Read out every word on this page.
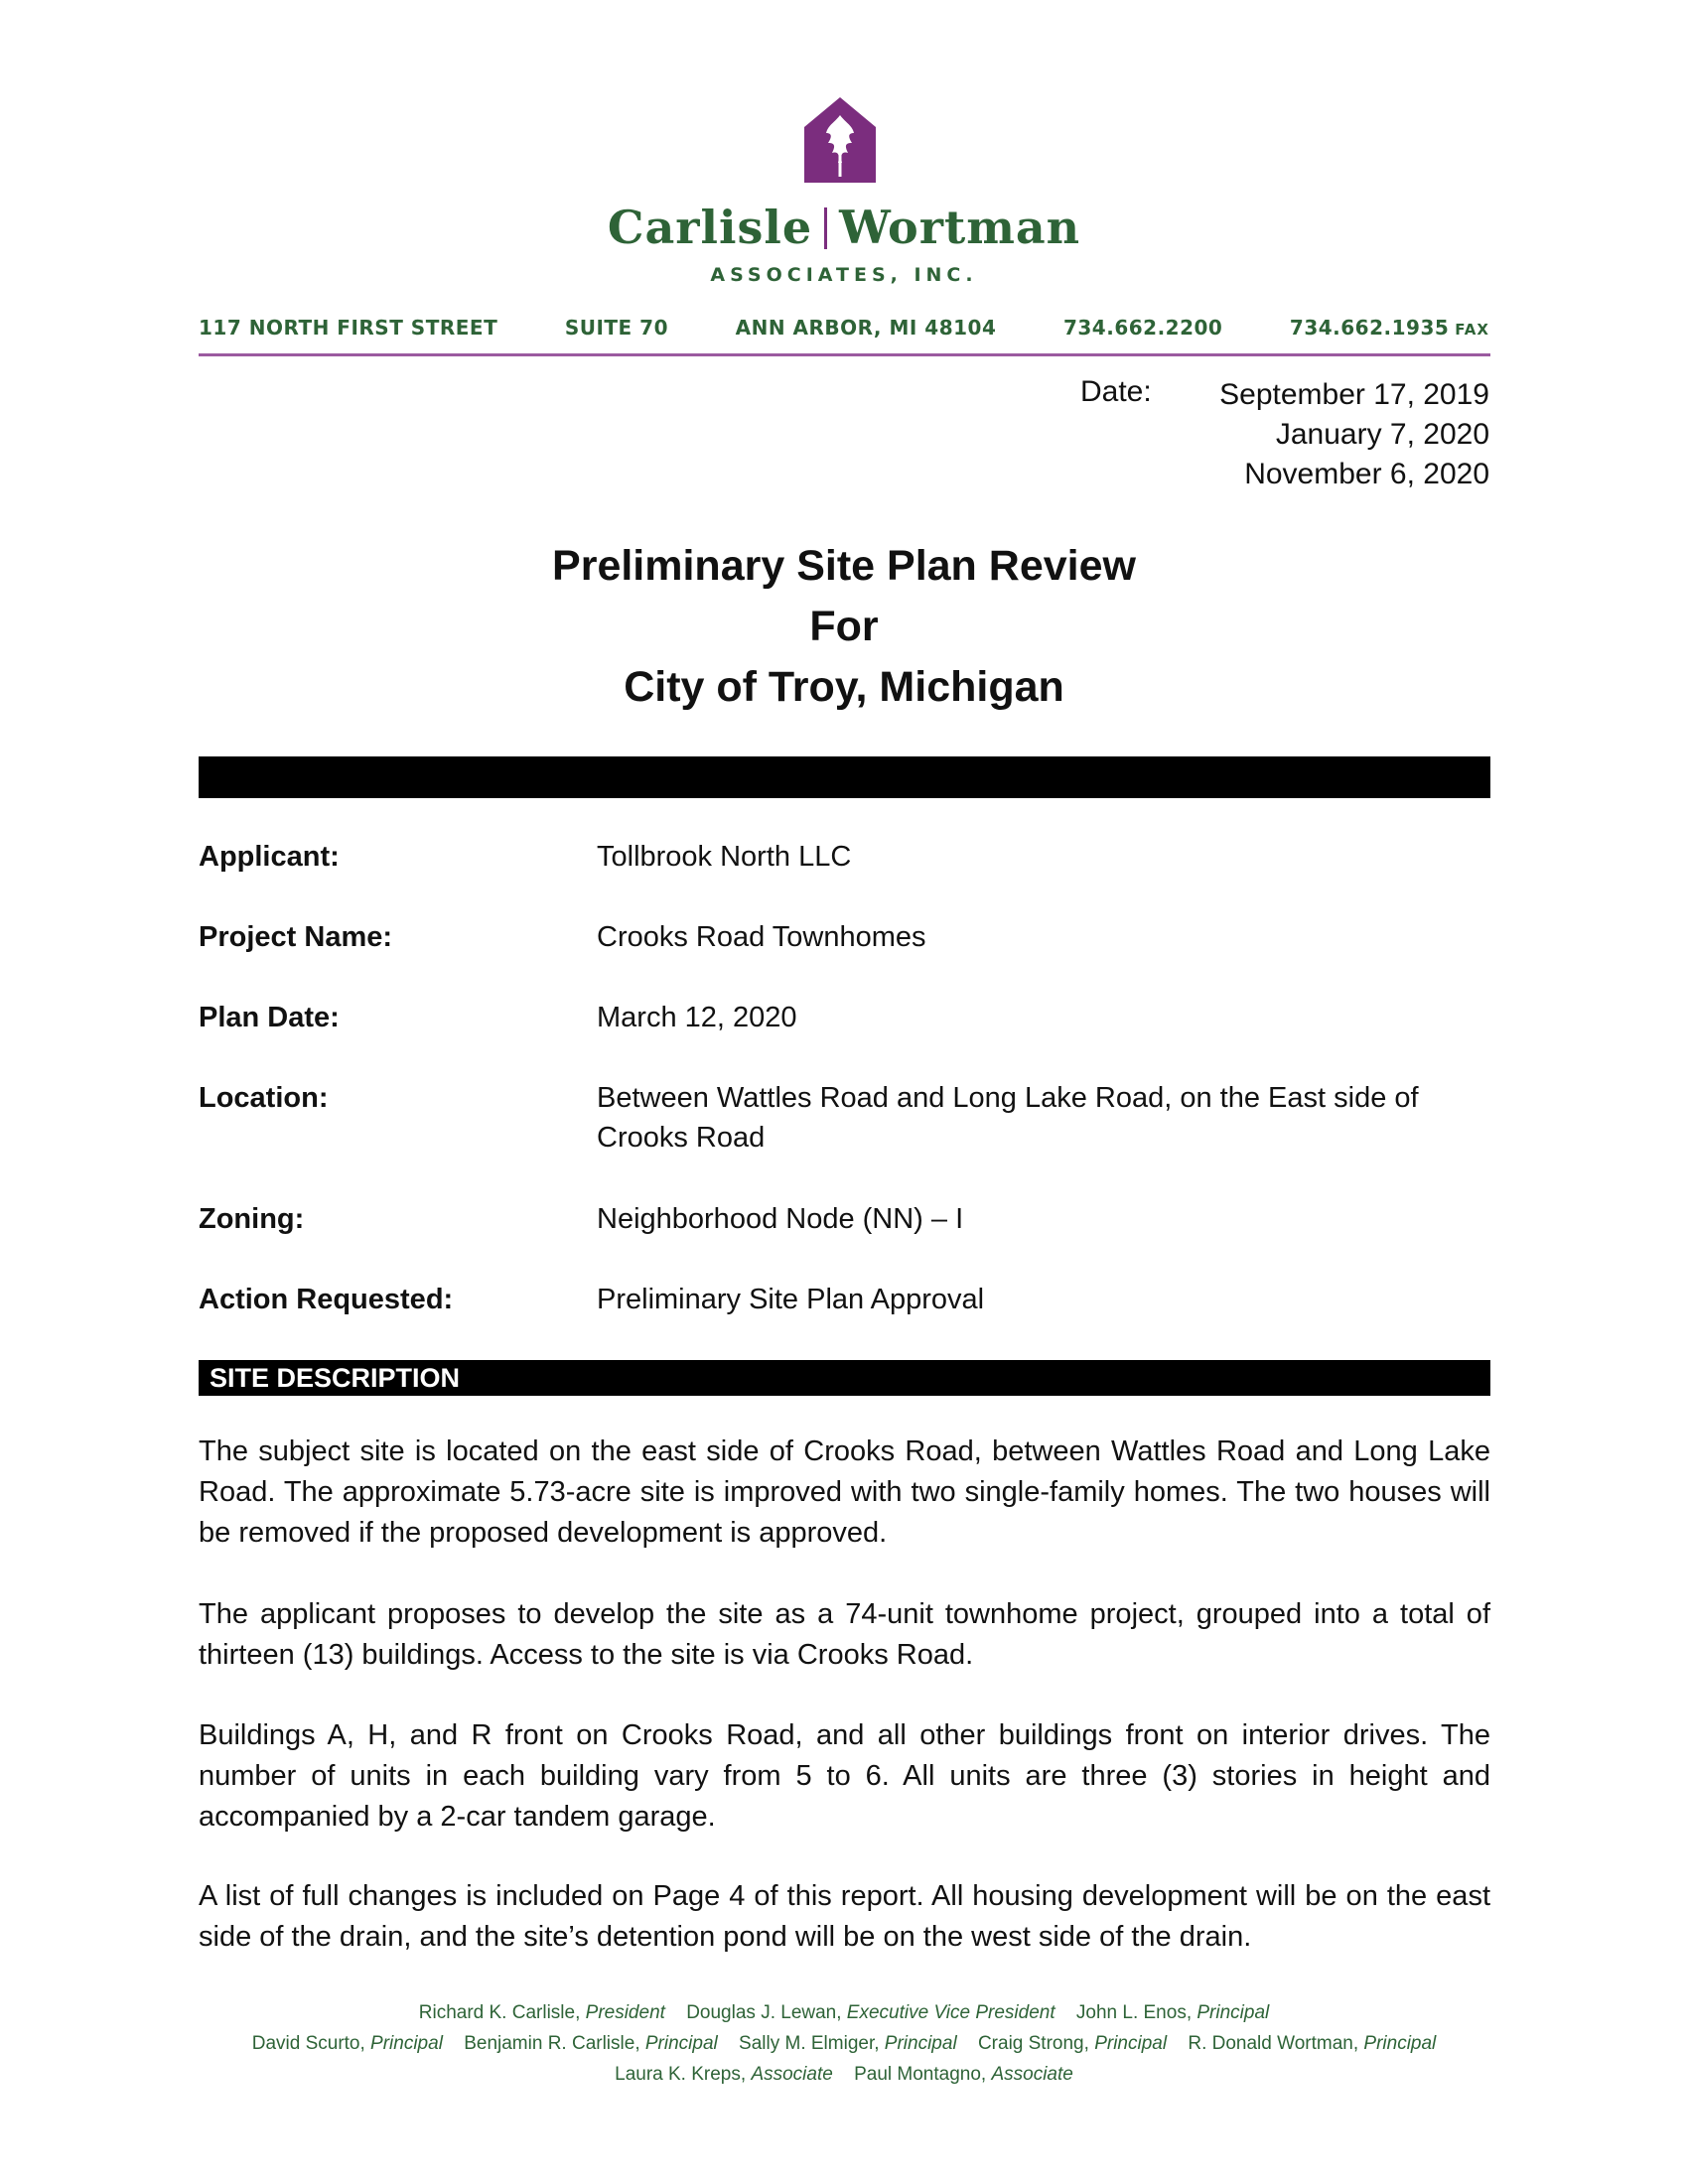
Carlisle Wortman
ASSOCIATES, INC.
117 NORTH FIRST STREET	SUITE 70	ANN ARBOR, MI 48104	734.662.2200	734.662.1935 FAX
Date: September 17, 2019
January 7, 2020
November 6, 2020
Preliminary Site Plan Review
For
City of Troy, Michigan
Applicant:	Tollbrook North LLC
Project Name:	Crooks Road Townhomes
Plan Date:	March 12, 2020
Location:	Between Wattles Road and Long Lake Road, on the East side of Crooks Road
Zoning:	Neighborhood Node (NN) – I
Action Requested:	Preliminary Site Plan Approval
SITE DESCRIPTION
The subject site is located on the east side of Crooks Road, between Wattles Road and Long Lake Road. The approximate 5.73-acre site is improved with two single-family homes. The two houses will be removed if the proposed development is approved.
The applicant proposes to develop the site as a 74-unit townhome project, grouped into a total of thirteen (13) buildings. Access to the site is via Crooks Road.
Buildings A, H, and R front on Crooks Road, and all other buildings front on interior drives. The number of units in each building vary from 5 to 6. All units are three (3) stories in height and accompanied by a 2-car tandem garage.
A list of full changes is included on Page 4 of this report. All housing development will be on the east side of the drain, and the site’s detention pond will be on the west side of the drain.
Richard K. Carlisle, President Douglas J. Lewan, Executive Vice President John L. Enos, Principal
David Scurto, Principal Benjamin R. Carlisle, Principal Sally M. Elmiger, Principal Craig Strong, Principal R. Donald Wortman, Principal
Laura K. Kreps, Associate Paul Montagno, Associate
